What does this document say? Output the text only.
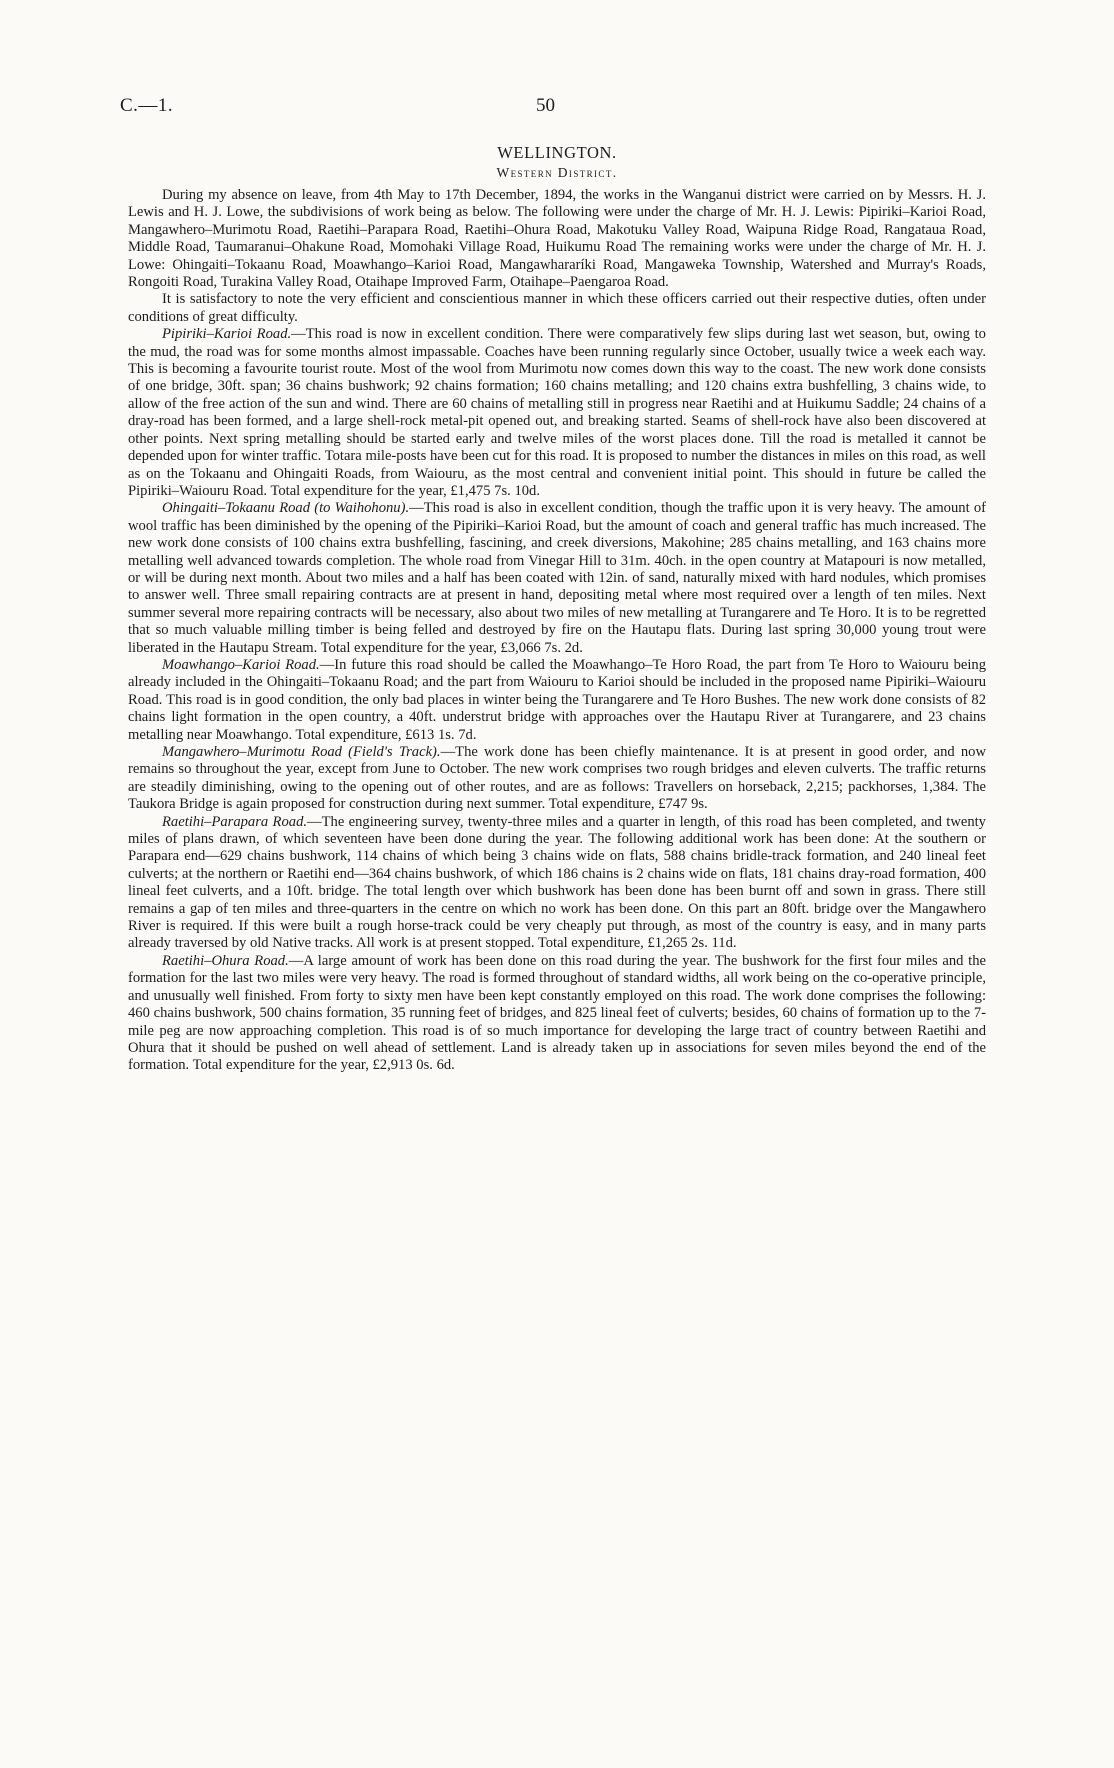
C.—1.	50
WELLINGTON.
Western District.

During my absence on leave, from 4th May to 17th December, 1894, the works in the Wanganui district were carried on by Messrs. H. J. Lewis and H. J. Lowe, the subdivisions of work being as below. The following were under the charge of Mr. H. J. Lewis: Pipiriki–Karioi Road, Mangawhero–Murimotu Road, Raetihi–Parapara Road, Raetihi–Ohura Road, Makotuku Valley Road, Waipuna Ridge Road, Rangataua Road, Middle Road, Taumaranui–Ohakune Road, Momohaki Village Road, Huikumu Road The remaining works were under the charge of Mr. H. J. Lowe: Ohingaiti–Tokaanu Road, Moawhango–Karioi Road, Mangawhararíki Road, Mangaweka Township, Watershed and Murray's Roads, Rongoiti Road, Turakina Valley Road, Otaihape Improved Farm, Otaihape–Paengaroa Road.

It is satisfactory to note the very efficient and conscientious manner in which these officers carried out their respective duties, often under conditions of great difficulty.

Pipiriki–Karioi Road.—This road is now in excellent condition. There were comparatively few slips during last wet season, but, owing to the mud, the road was for some months almost impassable. Coaches have been running regularly since October, usually twice a week each way. This is becoming a favourite tourist route. Most of the wool from Murimotu now comes down this way to the coast. The new work done consists of one bridge, 30ft. span; 36 chains bushwork; 92 chains formation; 160 chains metalling; and 120 chains extra bushfelling, 3 chains wide, to allow of the free action of the sun and wind. There are 60 chains of metalling still in progress near Raetihi and at Huikumu Saddle; 24 chains of a dray-road has been formed, and a large shell-rock metal-pit opened out, and breaking started. Seams of shell-rock have also been discovered at other points. Next spring metalling should be started early and twelve miles of the worst places done. Till the road is metalled it cannot be depended upon for winter traffic. Totara mile-posts have been cut for this road. It is proposed to number the distances in miles on this road, as well as on the Tokaanu and Ohingaiti Roads, from Waiouru, as the most central and convenient initial point. This should in future be called the Pipiriki–Waiouru Road. Total expenditure for the year, £1,475 7s. 10d.

Ohingaiti–Tokaanu Road (to Waihohonu).—This road is also in excellent condition, though the traffic upon it is very heavy. The amount of wool traffic has been diminished by the opening of the Pipiriki–Karioi Road, but the amount of coach and general traffic has much increased. The new work done consists of 100 chains extra bushfelling, fascining, and creek diversions, Makohine; 285 chains metalling, and 163 chains more metalling well advanced towards completion. The whole road from Vinegar Hill to 31m. 40ch. in the open country at Matapouri is now metalled, or will be during next month. About two miles and a half has been coated with 12in. of sand, naturally mixed with hard nodules, which promises to answer well. Three small repairing contracts are at present in hand, depositing metal where most required over a length of ten miles. Next summer several more repairing contracts will be necessary, also about two miles of new metalling at Turangarere and Te Horo. It is to be regretted that so much valuable milling timber is being felled and destroyed by fire on the Hautapu flats. During last spring 30,000 young trout were liberated in the Hautapu Stream. Total expenditure for the year, £3,066 7s. 2d.

Moawhango–Karioi Road.—In future this road should be called the Moawhango–Te Horo Road, the part from Te Horo to Waiouru being already included in the Ohingaiti–Tokaanu Road; and the part from Waiouru to Karioi should be included in the proposed name Pipiriki–Waiouru Road. This road is in good condition, the only bad places in winter being the Turangarere and Te Horo Bushes. The new work done consists of 82 chains light formation in the open country, a 40ft. understrut bridge with approaches over the Hautapu River at Turangarere, and 23 chains metalling near Moawhango. Total expenditure, £613 1s. 7d.

Mangawhero–Murimotu Road (Field's Track).—The work done has been chiefly maintenance. It is at present in good order, and now remains so throughout the year, except from June to October. The new work comprises two rough bridges and eleven culverts. The traffic returns are steadily diminishing, owing to the opening out of other routes, and are as follows: Travellers on horseback, 2,215; packhorses, 1,384. The Taukora Bridge is again proposed for construction during next summer. Total expenditure, £747 9s.

Raetihi–Parapara Road.—The engineering survey, twenty-three miles and a quarter in length, of this road has been completed, and twenty miles of plans drawn, of which seventeen have been done during the year. The following additional work has been done: At the southern or Parapara end—629 chains bushwork, 114 chains of which being 3 chains wide on flats, 588 chains bridle-track formation, and 240 lineal feet culverts; at the northern or Raetihi end—364 chains bushwork, of which 186 chains is 2 chains wide on flats, 181 chains dray-road formation, 400 lineal feet culverts, and a 10ft. bridge. The total length over which bushwork has been done has been burnt off and sown in grass. There still remains a gap of ten miles and three-quarters in the centre on which no work has been done. On this part an 80ft. bridge over the Mangawhero River is required. If this were built a rough horse-track could be very cheaply put through, as most of the country is easy, and in many parts already traversed by old Native tracks. All work is at present stopped. Total expenditure, £1,265 2s. 11d.

Raetihi–Ohura Road.—A large amount of work has been done on this road during the year. The bushwork for the first four miles and the formation for the last two miles were very heavy. The road is formed throughout of standard widths, all work being on the co-operative principle, and unusually well finished. From forty to sixty men have been kept constantly employed on this road. The work done comprises the following: 460 chains bushwork, 500 chains formation, 35 running feet of bridges, and 825 lineal feet of culverts; besides, 60 chains of formation up to the 7-mile peg are now approaching completion. This road is of so much importance for developing the large tract of country between Raetihi and Ohura that it should be pushed on well ahead of settlement. Land is already taken up in associations for seven miles beyond the end of the formation. Total expenditure for the year, £2,913 0s. 6d.
